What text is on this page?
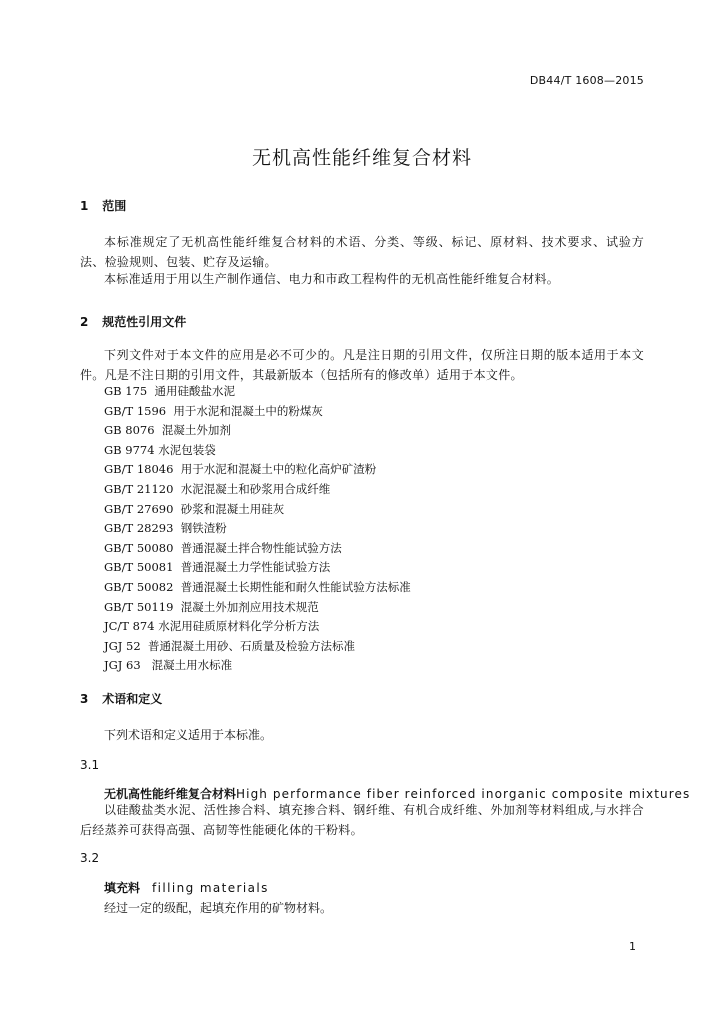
DB44/T 1608—2015
无机高性能纤维复合材料
1 范围
本标准规定了无机高性能纤维复合材料的术语、分类、等级、标记、原材料、技术要求、试验方法、检验规则、包装、贮存及运输。
本标准适用于用以生产制作通信、电力和市政工程构件的无机高性能纤维复合材料。
2 规范性引用文件
下列文件对于本文件的应用是必不可少的。凡是注日期的引用文件，仅所注日期的版本适用于本文件。凡是不注日期的引用文件，其最新版本（包括所有的修改单）适用于本文件。
GB 175  通用硅酸盐水泥
GB/T 1596  用于水泥和混凝土中的粉煤灰
GB 8076  混凝土外加剂
GB 9774 水泥包装袋
GB/T 18046  用于水泥和混凝土中的粒化高炉矿渣粉
GB/T 21120  水泥混凝土和砂浆用合成纤维
GB/T 27690  砂浆和混凝土用硅灰
GB/T 28293  钢铁渣粉
GB/T 50080  普通混凝土拌合物性能试验方法
GB/T 50081  普通混凝土力学性能试验方法
GB/T 50082  普通混凝土长期性能和耐久性能试验方法标准
GB/T 50119  混凝土外加剂应用技术规范
JC/T 874 水泥用硅质原材料化学分析方法
JGJ 52  普通混凝土用砂、石质量及检验方法标准
JGJ 63   混凝土用水标准
3 术语和定义
下列术语和定义适用于本标准。
3.1
无机高性能纤维复合材料High performance fiber reinforced inorganic composite mixtures
以硅酸盐类水泥、活性掺合料、填充掺合料、钢纤维、有机合成纤维、外加剂等材料组成,与水拌合后经蒸养可获得高强、高韧等性能硬化体的干粉料。
3.2
填充料 filling materials
经过一定的级配，起填充作用的矿物材料。
1
